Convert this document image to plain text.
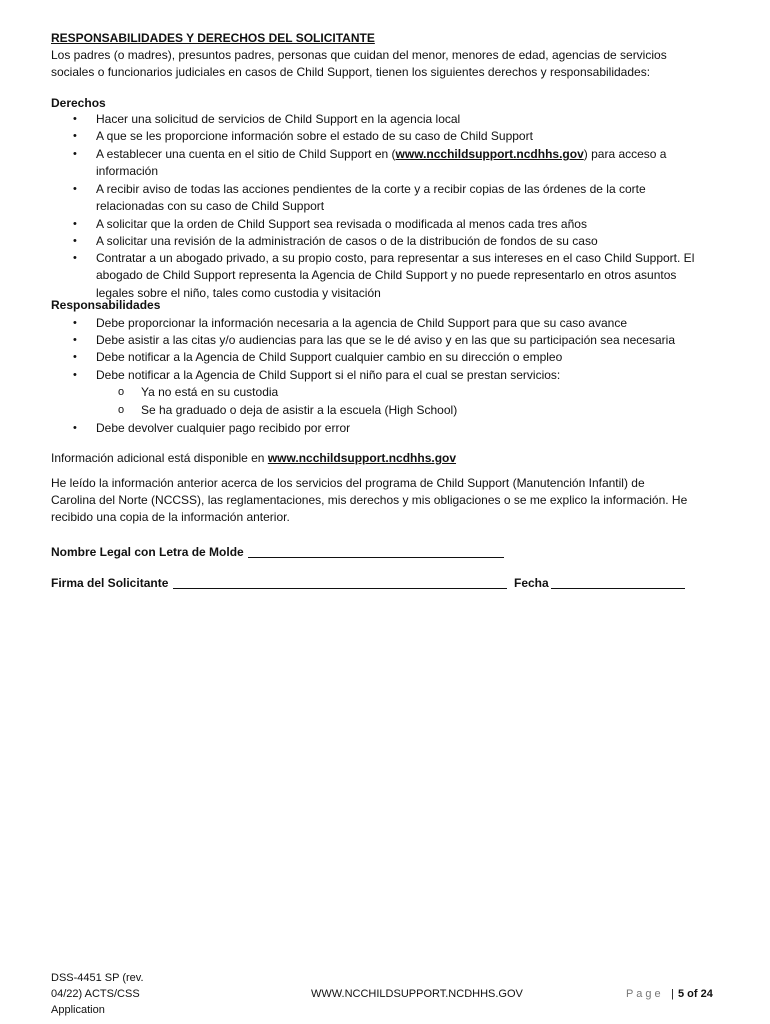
RESPONSABILIDADES Y DERECHOS DEL SOLICITANTE
Los padres (o madres), presuntos padres, personas que cuidan del menor, menores de edad, agencias de servicios
sociales o funcionarios judiciales en casos de Child Support, tienen los siguientes derechos y responsabilidades:
Derechos
• Hacer una solicitud de servicios de Child Support en la agencia local
• A que se les proporcione información sobre el estado de su caso de Child Support
• A establecer una cuenta en el sitio de Child Support en (www.ncchildsupport.ncdhhs.gov) para acceso a
información
• A recibir aviso de todas las acciones pendientes de la corte y a recibir copias de las órdenes de la corte
relacionadas con su caso de Child Support
• A solicitar que la orden de Child Support sea revisada o modificada al menos cada tres años
• A solicitar una revisión de la administración de casos o de la distribución de fondos de su caso
• Contratar a un abogado privado, a su propio costo, para representar a sus intereses en el caso Child Support. El
abogado de Child Support representa la Agencia de Child Support y no puede representarlo en otros asuntos
legales sobre el niño, tales como custodia y visitación
Responsabilidades
• Debe proporcionar la información necesaria a la agencia de Child Support para que su caso avance
• Debe asistir a las citas y/o audiencias para las que se le dé aviso y en las que su participación sea necesaria
• Debe notificar a la Agencia de Child Support cualquier cambio en su dirección o empleo
• Debe notificar a la Agencia de Child Support si el niño para el cual se prestan servicios:
o Ya no está en su custodia
o Se ha graduado o deja de asistir a la escuela (High School)
• Debe devolver cualquier pago recibido por error
Información adicional está disponible en www.ncchildsupport.ncdhhs.gov
He leído la información anterior acerca de los servicios del programa de Child Support (Manutención Infantil) de
Carolina del Norte (NCCSS), las reglamentaciones, mis derechos y mis obligaciones o se me explico la información. He
recibido una copia de la información anterior.
Nombre Legal con Letra de Molde
Firma del Solicitante	Fecha
DSS-4451 SP (rev.
04/22) ACTS/CSS
Application
WWW.NCCHILDSUPPORT.NCDHHS.GOV	P a g e | 5 of 24
